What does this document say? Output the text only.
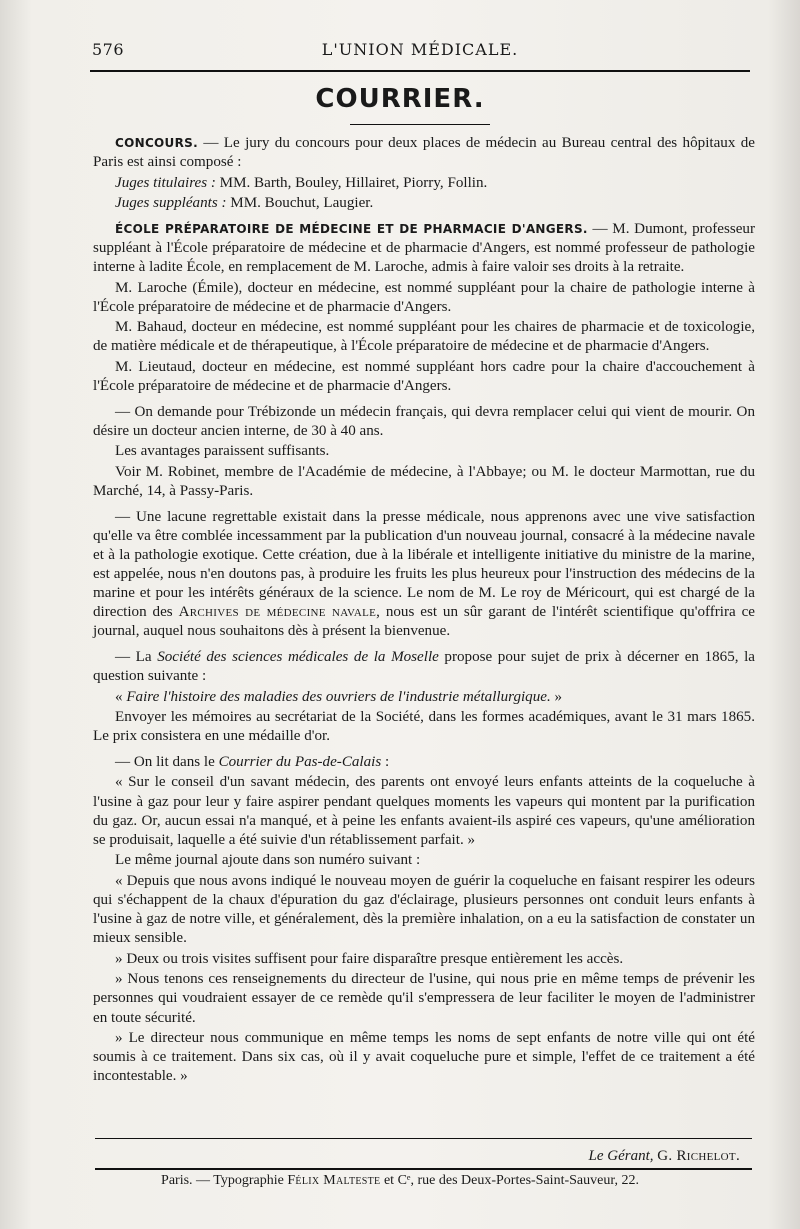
576	L'UNION MÉDICALE.
COURRIER.

CONCOURS. — Le jury du concours pour deux places de médecin au Bureau central des hôpitaux de Paris est ainsi composé :

Juges titulaires : MM. Barth, Bouley, Hillairet, Piorry, Follin.

Juges suppléants : MM. Bouchut, Laugier.

ÉCOLE PRÉPARATOIRE DE MÉDECINE ET DE PHARMACIE D'ANGERS. — M. Dumont, professeur suppléant à l'École préparatoire de médecine et de pharmacie d'Angers, est nommé professeur de pathologie interne à ladite École, en remplacement de M. Laroche, admis à faire valoir ses droits à la retraite.

M. Laroche (Émile), docteur en médecine, est nommé suppléant pour la chaire de pathologie interne à l'École préparatoire de médecine et de pharmacie d'Angers.

M. Bahaud, docteur en médecine, est nommé suppléant pour les chaires de pharmacie et de toxicologie, de matière médicale et de thérapeutique, à l'École préparatoire de médecine et de pharmacie d'Angers.

M. Lieutaud, docteur en médecine, est nommé suppléant hors cadre pour la chaire d'accouchement à l'École préparatoire de médecine et de pharmacie d'Angers.

— On demande pour Trébizonde un médecin français, qui devra remplacer celui qui vient de mourir. On désire un docteur ancien interne, de 30 à 40 ans.

Les avantages paraissent suffisants.

Voir M. Robinet, membre de l'Académie de médecine, à l'Abbaye; ou M. le docteur Marmottan, rue du Marché, 14, à Passy-Paris.

— Une lacune regrettable existait dans la presse médicale, nous apprenons avec une vive satisfaction qu'elle va être comblée incessamment par la publication d'un nouveau journal, consacré à la médecine navale et à la pathologie exotique. Cette création, due à la libérale et intelligente initiative du ministre de la marine, est appelée, nous n'en doutons pas, à produire les fruits les plus heureux pour l'instruction des médecins de la marine et pour les intérêts généraux de la science. Le nom de M. Le roy de Méricourt, qui est chargé de la direction des Archives de médecine navale, nous est un sûr garant de l'intérêt scientifique qu'offrira ce journal, auquel nous souhaitons dès à présent la bienvenue.

— La Société des sciences médicales de la Moselle propose pour sujet de prix à décerner en 1865, la question suivante :

« Faire l'histoire des maladies des ouvriers de l'industrie métallurgique. »

Envoyer les mémoires au secrétariat de la Société, dans les formes académiques, avant le 31 mars 1865. Le prix consistera en une médaille d'or.

— On lit dans le Courrier du Pas-de-Calais :

« Sur le conseil d'un savant médecin, des parents ont envoyé leurs enfants atteints de la coqueluche à l'usine à gaz pour leur y faire aspirer pendant quelques moments les vapeurs qui montent par la purification du gaz. Or, aucun essai n'a manqué, et à peine les enfants avaient-ils aspiré ces vapeurs, qu'une amélioration se produisait, laquelle a été suivie d'un rétablissement parfait. »

Le même journal ajoute dans son numéro suivant :

« Depuis que nous avons indiqué le nouveau moyen de guérir la coqueluche en faisant respirer les odeurs qui s'échappent de la chaux d'épuration du gaz d'éclairage, plusieurs personnes ont conduit leurs enfants à l'usine à gaz de notre ville, et généralement, dès la première inhalation, on a eu la satisfaction de constater un mieux sensible.

» Deux ou trois visites suffisent pour faire disparaître presque entièrement les accès.

» Nous tenons ces renseignements du directeur de l'usine, qui nous prie en même temps de prévenir les personnes qui voudraient essayer de ce remède qu'il s'empressera de leur faciliter le moyen de l'administrer en toute sécurité.

» Le directeur nous communique en même temps les noms de sept enfants de notre ville qui ont été soumis à ce traitement. Dans six cas, où il y avait coqueluche pure et simple, l'effet de ce traitement a été incontestable. »

Le Gérant, G. Richelot.
Paris. — Typographie Félix Malteste et Cᵉ, rue des Deux-Portes-Saint-Sauveur, 22.
